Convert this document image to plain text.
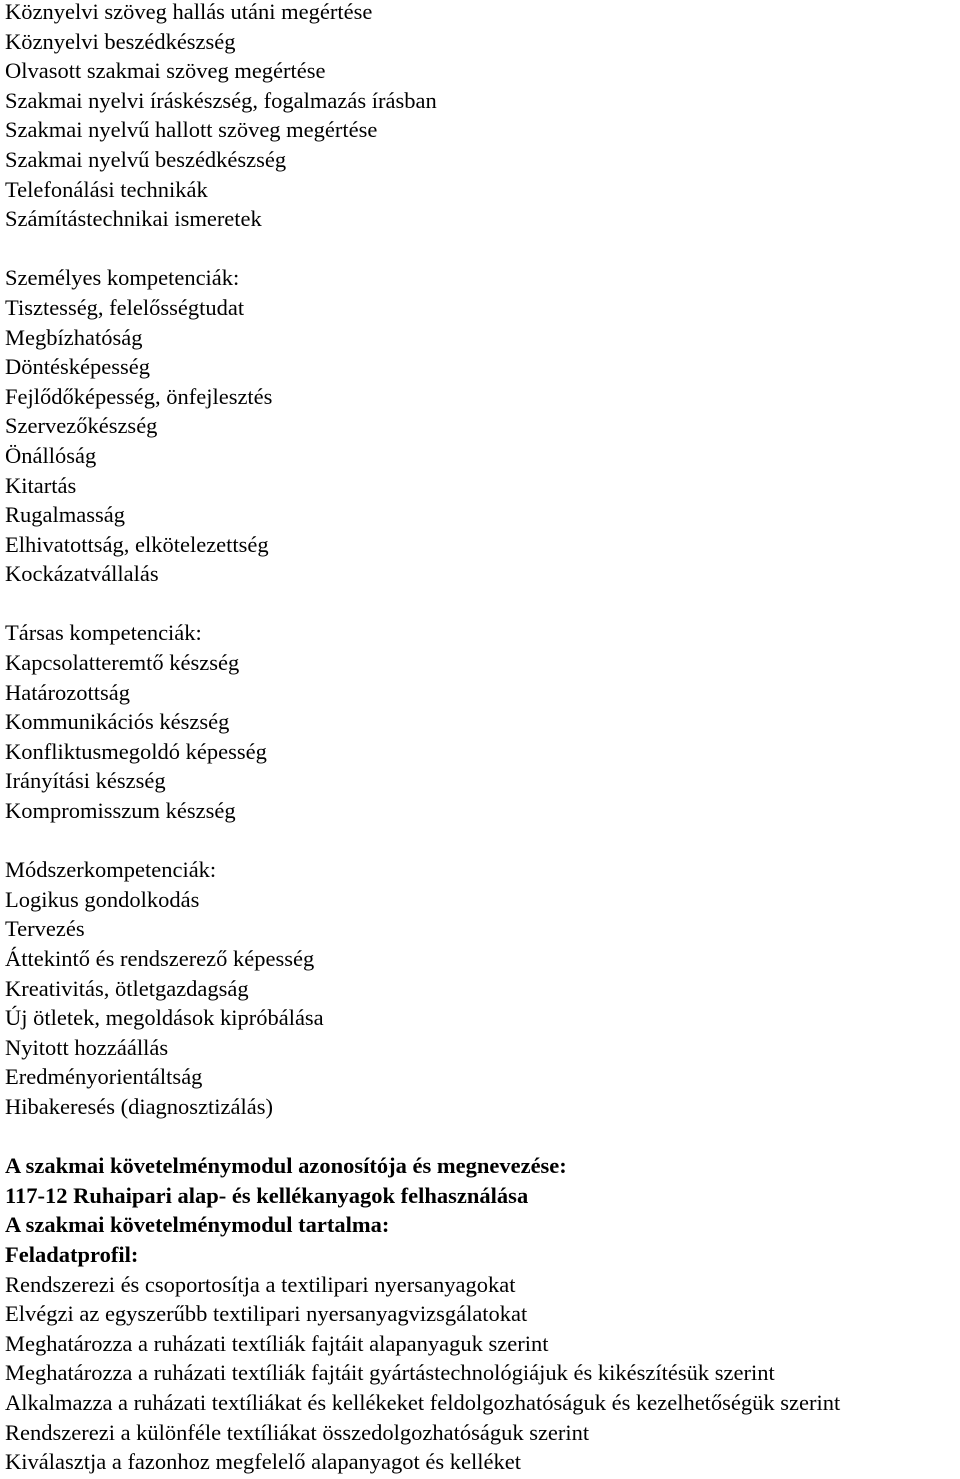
Köznyelvi szöveg hallás utáni megértése
Köznyelvi beszédkészség
Olvasott szakmai szöveg megértése
Szakmai nyelvi íráskészség, fogalmazás írásban
Szakmai nyelvű hallott szöveg megértése
Szakmai nyelvű beszédkészség
Telefonálási technikák
Számítástechnikai ismeretek
Személyes kompetenciák:
Tisztesség, felelősségtudat
Megbízhatóság
Döntésképesség
Fejlődőképesség, önfejlesztés
Szervezőkészség
Önállóság
Kitartás
Rugalmasság
Elhivatottság, elkötelezettség
Kockázatvállalás
Társas kompetenciák:
Kapcsolatteremtő készség
Határozottság
Kommunikációs készség
Konfliktusmegoldó képesség
Irányítási készség
Kompromisszum készség
Módszerkompetenciák:
Logikus gondolkodás
Tervezés
Áttekintő és rendszerező képesség
Kreativitás, ötletgazdagság
Új ötletek, megoldások kipróbálása
Nyitott hozzáállás
Eredményorientáltság
Hibakeresés (diagnosztizálás)
A szakmai követelménymodul azonosítója és megnevezése:
117-12 Ruhaipari alap- és kellékanyagok felhasználása
A szakmai követelménymodul tartalma:
Feladatprofil:
Rendszerezi és csoportosítja a textilipari nyersanyagokat
Elvégzi az egyszerűbb textilipari nyersanyagvizsgálatokat
Meghatározza a ruházati textíliák fajtáit alapanyaguk szerint
Meghatározza a ruházati textíliák fajtáit gyártástechnológiájuk és kikészítésük szerint
Alkalmazza a ruházati textíliákat és kellékeket feldolgozhatóságuk és kezelhetőségük szerint
Rendszerezi a különféle textíliákat összedolgozhatóságuk szerint
Kiválasztja a fazonhoz megfelelő alapanyagot és kelléket
